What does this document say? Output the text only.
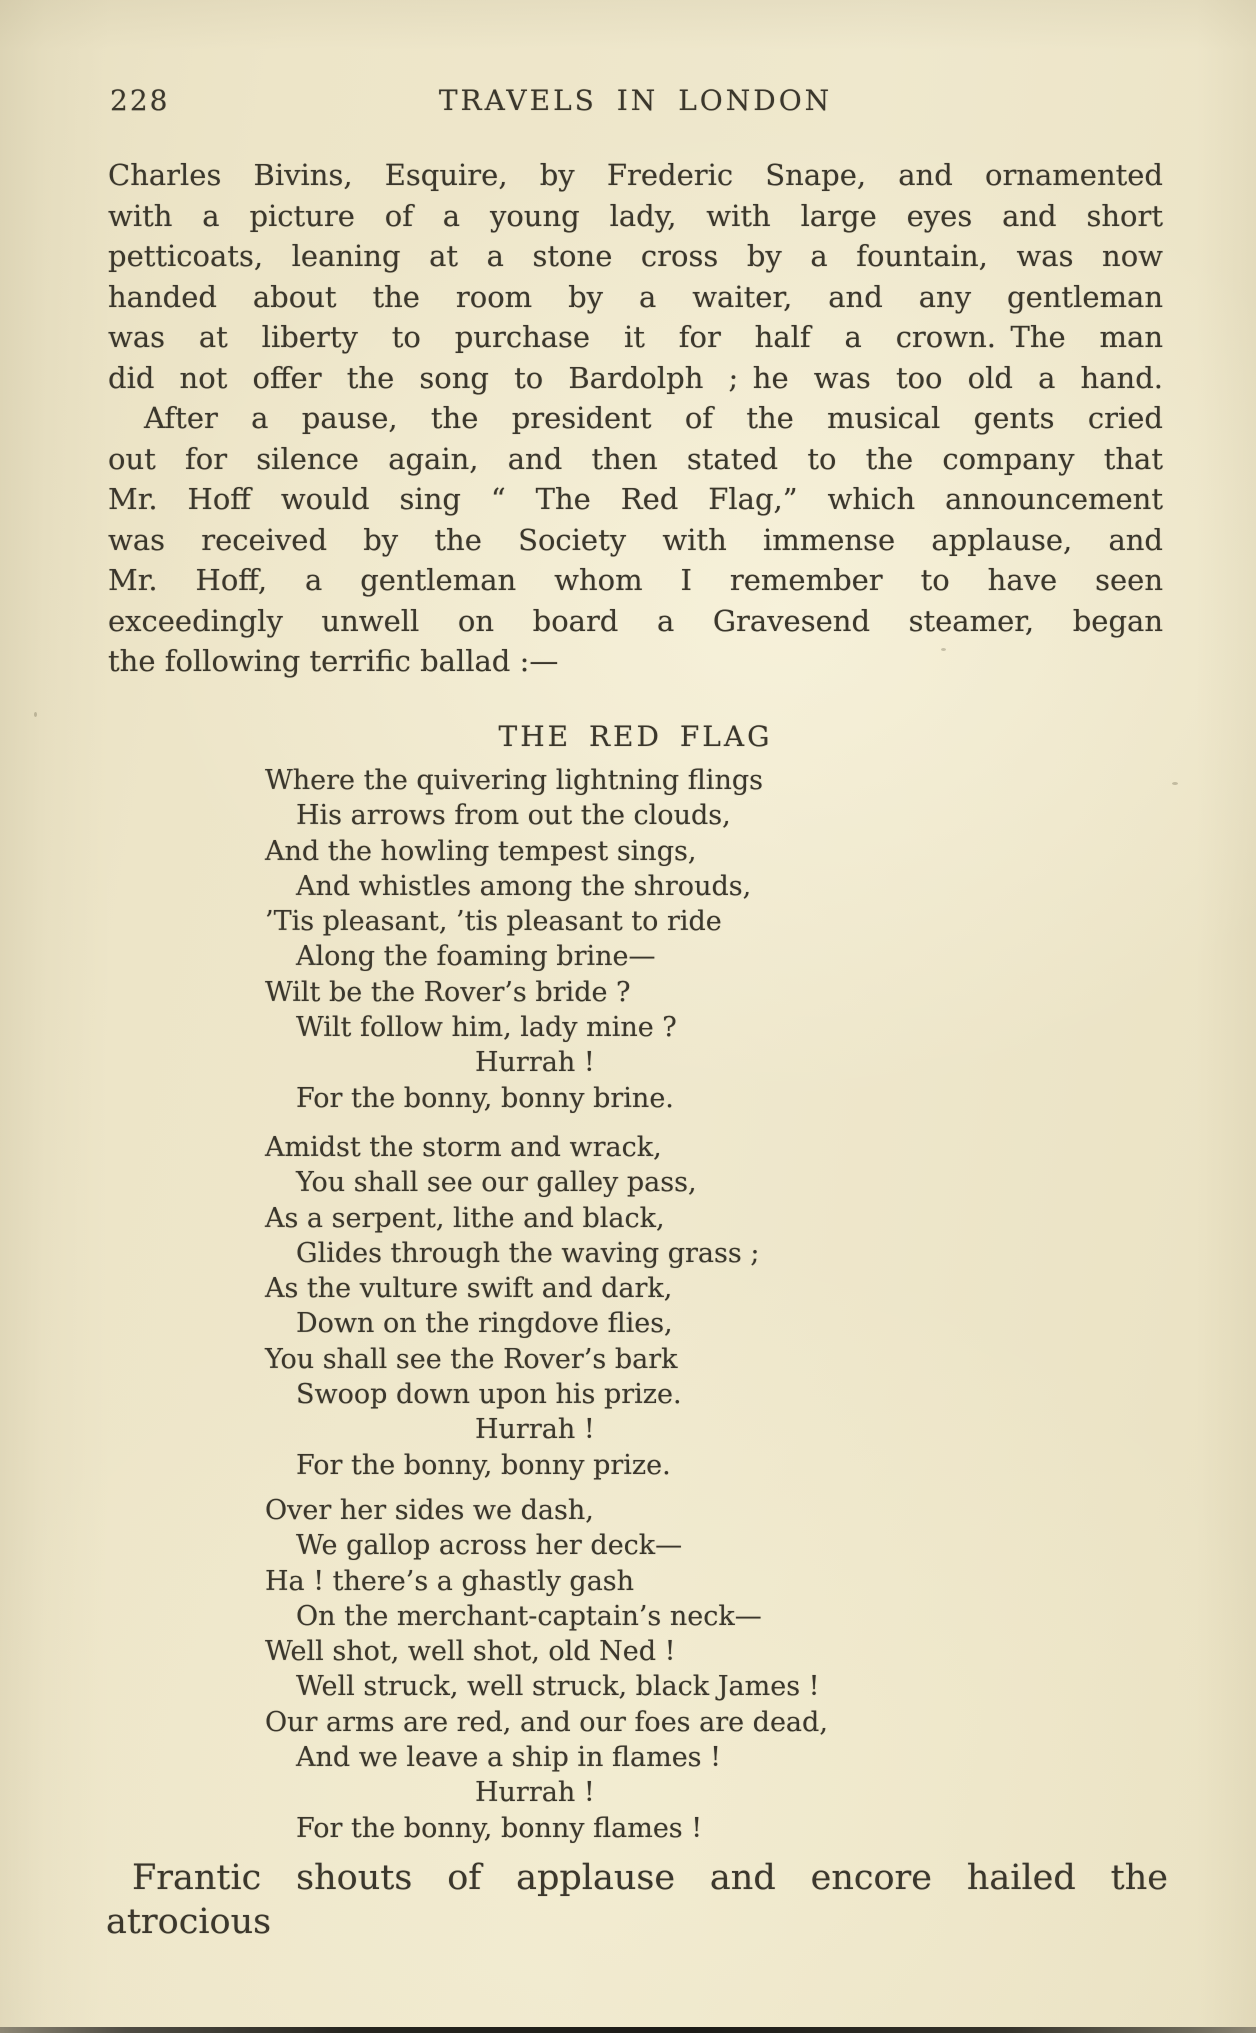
228	TRAVELS IN LONDON
Charles Bivins, Esquire, by Frederic Snape, and ornamented
with a picture of a young lady, with large eyes and short
petticoats, leaning at a stone cross by a fountain, was now
handed about the room by a waiter, and any gentleman
was at liberty to purchase it for half a crown. The man
did not offer the song to Bardolph ; he was too old a hand.
After a pause, the president of the musical gents cried
out for silence again, and then stated to the company that
Mr. Hoff would sing “ The Red Flag,” which announcement
was received by the Society with immense applause, and
Mr. Hoff, a gentleman whom I remember to have seen
exceedingly unwell on board a Gravesend steamer, began
the following terrific ballad :—
THE RED FLAG
Where the quivering lightning flings
His arrows from out the clouds,
And the howling tempest sings,
And whistles among the shrouds,
’Tis pleasant, ’tis pleasant to ride
Along the foaming brine—
Wilt be the Rover’s bride ?
Wilt follow him, lady mine ?
Hurrah !
For the bonny, bonny brine.
Amidst the storm and wrack,
You shall see our galley pass,
As a serpent, lithe and black,
Glides through the waving grass ;
As the vulture swift and dark,
Down on the ringdove flies,
You shall see the Rover’s bark
Swoop down upon his prize.
Hurrah !
For the bonny, bonny prize.
Over her sides we dash,
We gallop across her deck—
Ha ! there’s a ghastly gash
On the merchant-captain’s neck—
Well shot, well shot, old Ned !
Well struck, well struck, black James !
Our arms are red, and our foes are dead,
And we leave a ship in flames !
Hurrah !
For the bonny, bonny flames !

Frantic shouts of applause and encore hailed the atrocious
